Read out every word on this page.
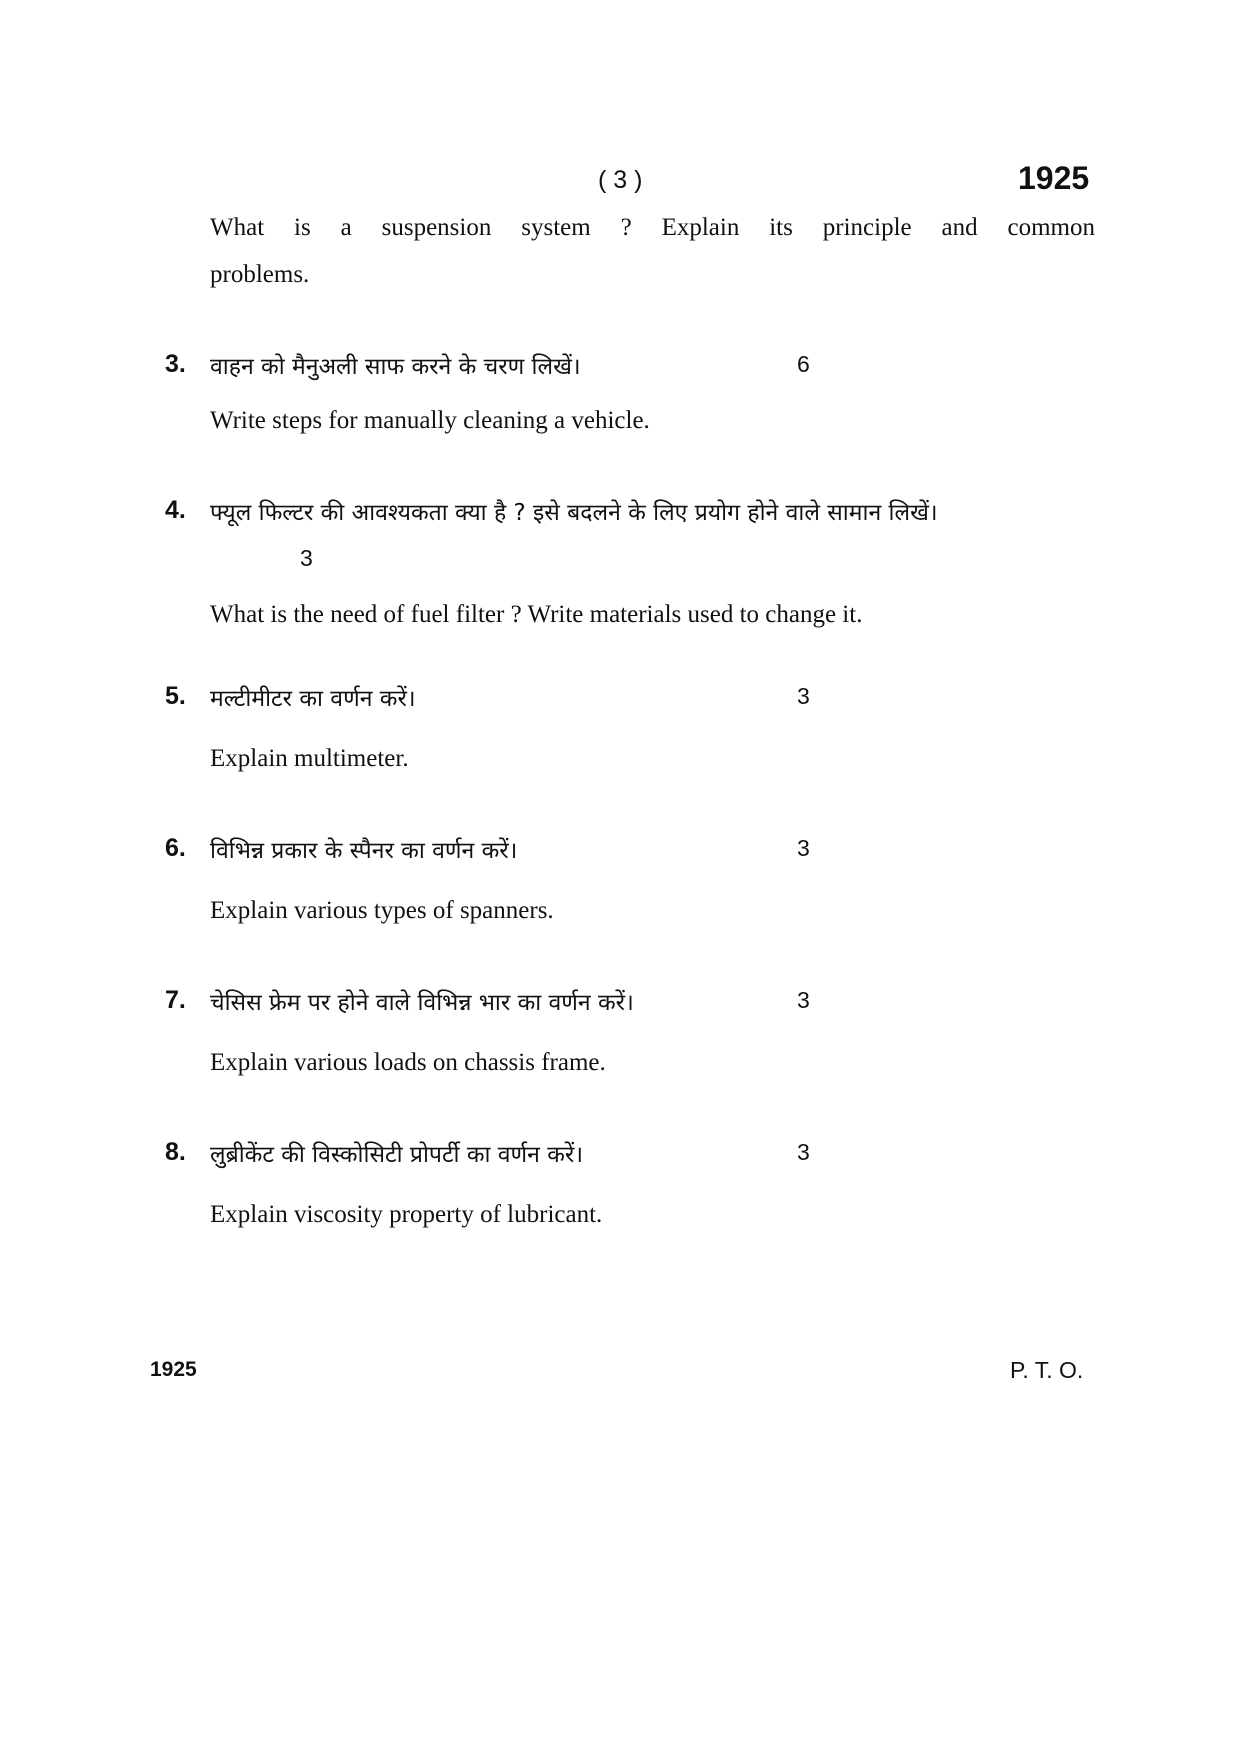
( 3 )	1925
What is a suspension system ? Explain its principle and common
problems.
3. वाहन को मैनुअली साफ करने के चरण लिखें।	6
Write steps for manually cleaning a vehicle.
4. फ्यूल फिल्टर की आवश्यकता क्या है ? इसे बदलने के लिए प्रयोग होने वाले सामान लिखें।
3
What is the need of fuel filter ? Write materials used to change it.
5. मल्टीमीटर का वर्णन करें।	3
Explain multimeter.
6. विभिन्न प्रकार के स्पैनर का वर्णन करें।	3
Explain various types of spanners.
7. चेसिस फ्रेम पर होने वाले विभिन्न भार का वर्णन करें।	3
Explain various loads on chassis frame.
8. लुब्रीकेंट की विस्कोसिटी प्रोपर्टी का वर्णन करें।	3
Explain viscosity property of lubricant.
1925	P. T. O.
